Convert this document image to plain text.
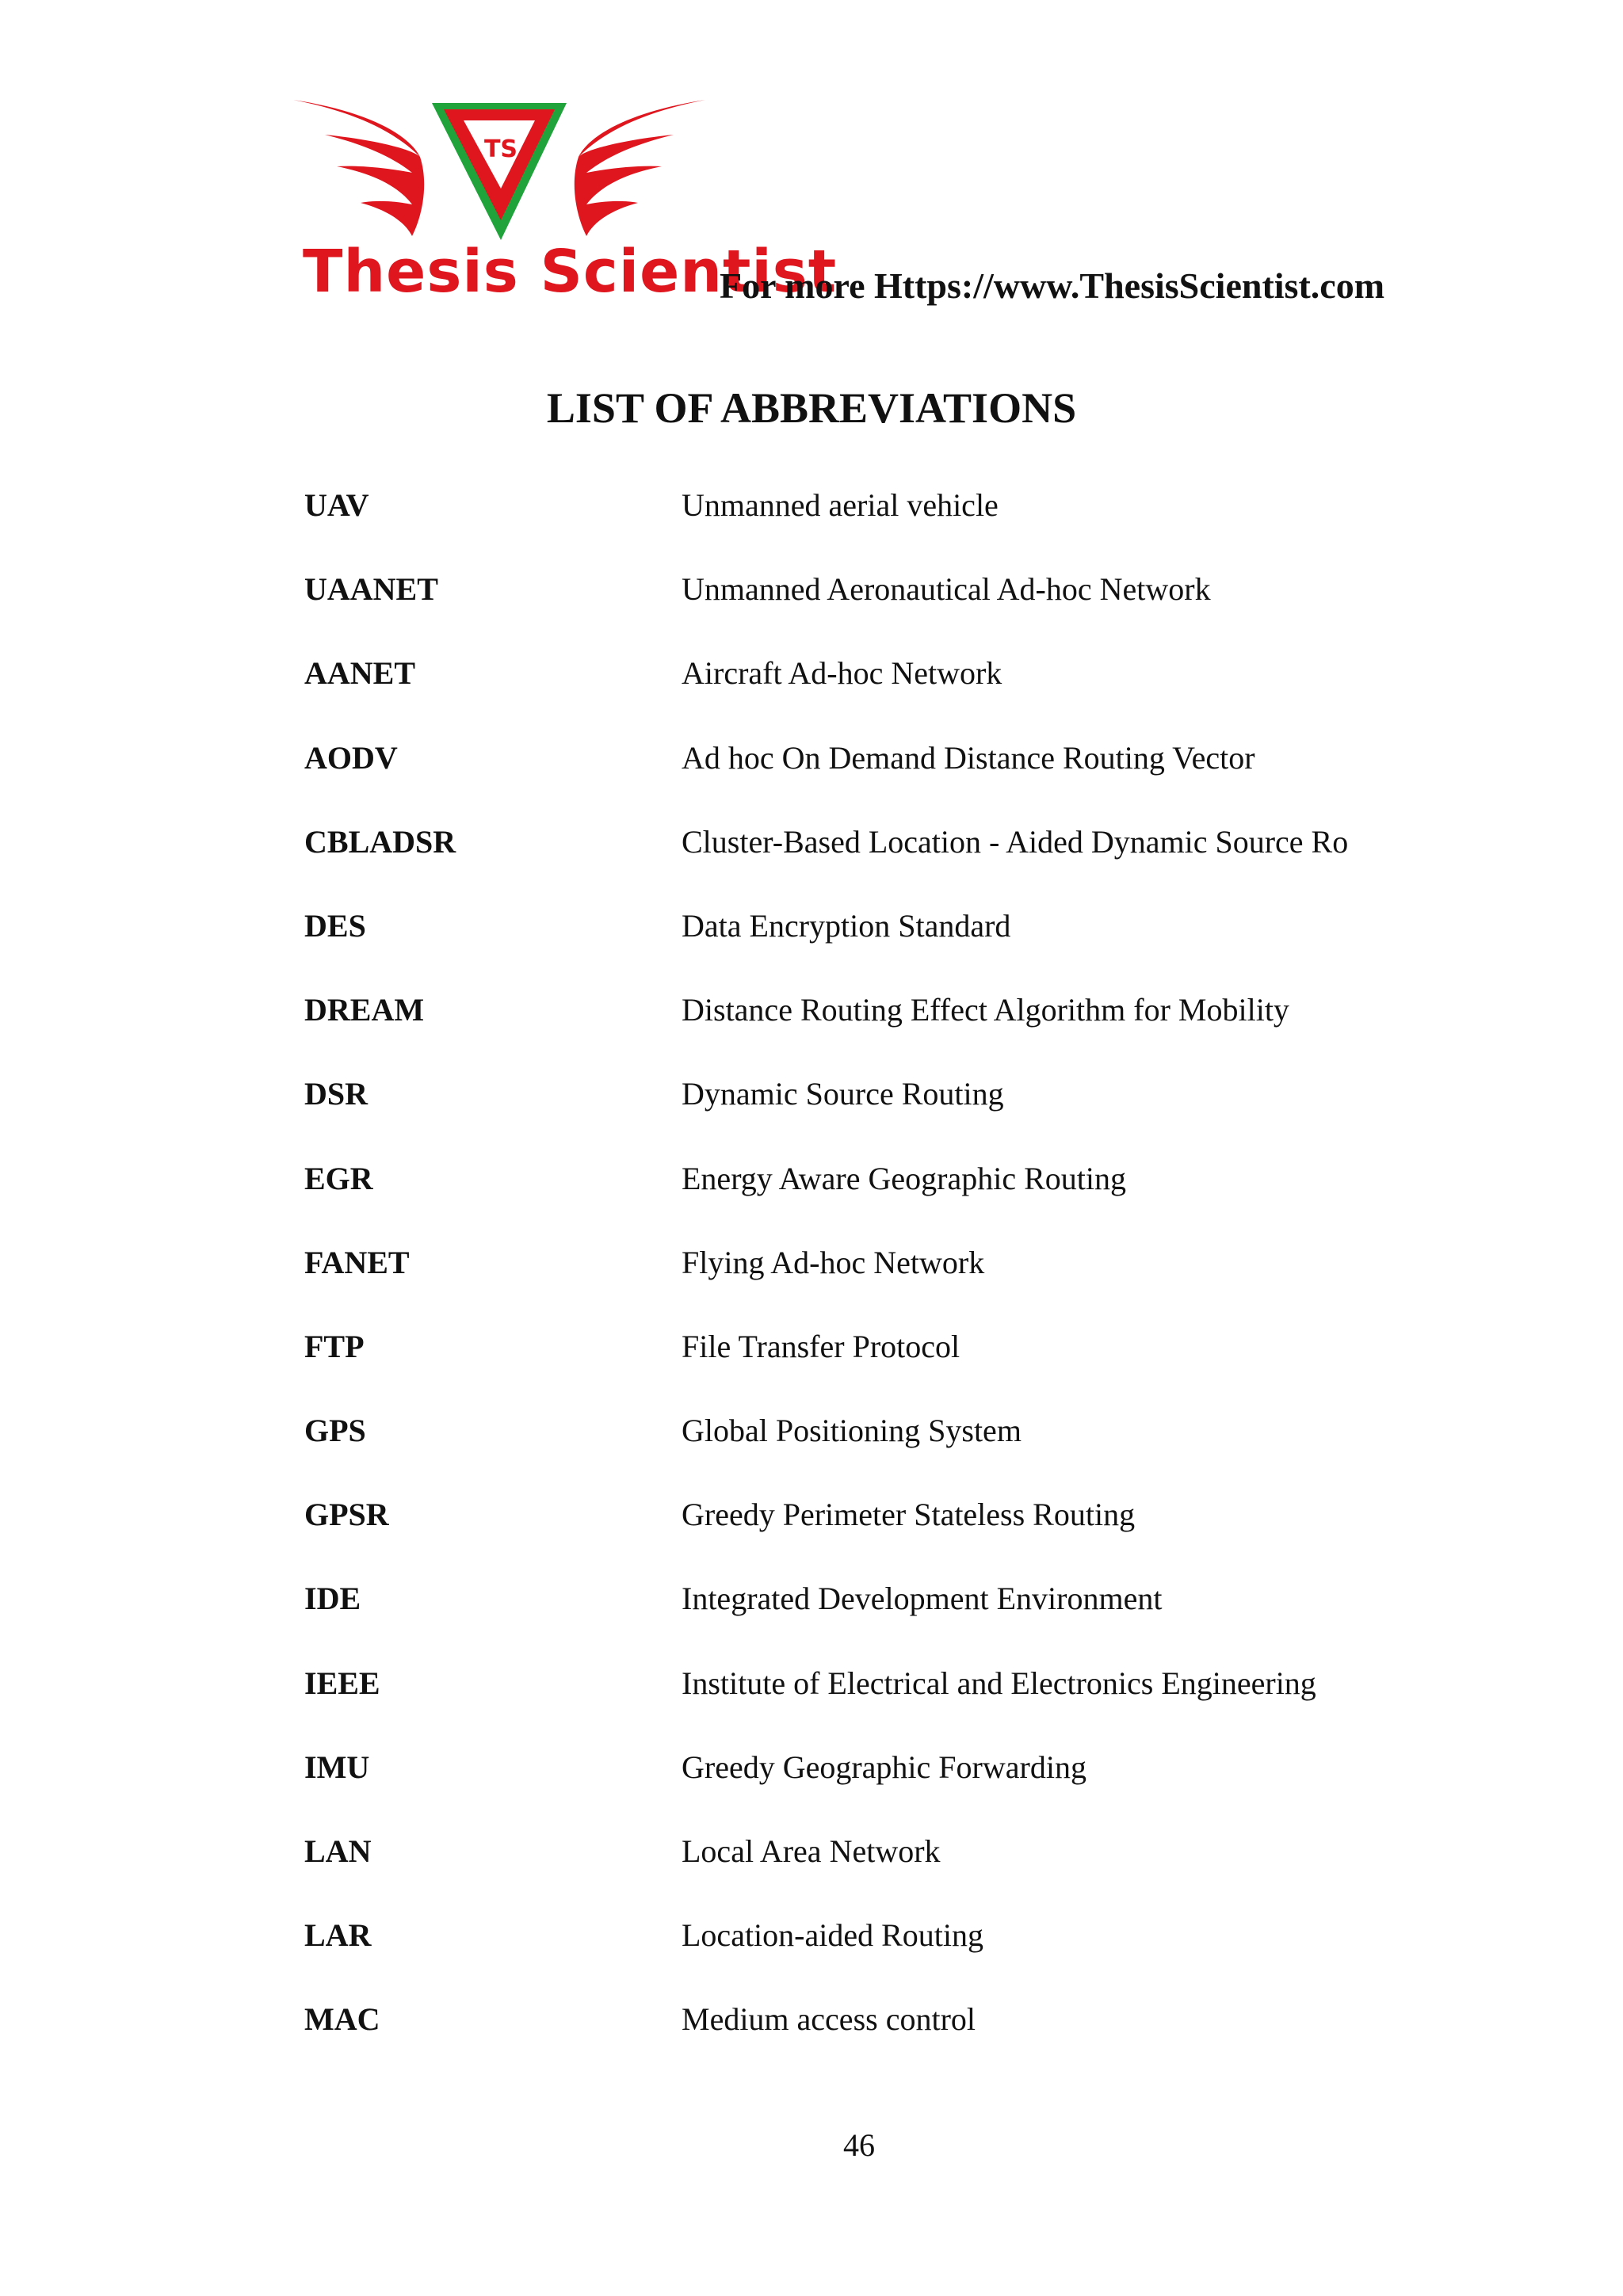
TS
Thesis Scientist
For more Https://www.ThesisScientist.com
LIST OF ABBREVIATIONS
UAV	Unmanned aerial vehicle
UAANET	Unmanned Aeronautical Ad-hoc Network
AANET	Aircraft Ad-hoc Network
AODV	Ad hoc On Demand Distance Routing Vector
CBLADSR	Cluster-Based Location - Aided Dynamic Source Ro
DES	Data Encryption Standard
DREAM	Distance Routing Effect Algorithm for Mobility
DSR	Dynamic Source Routing
EGR	Energy Aware Geographic Routing
FANET	Flying Ad-hoc Network
FTP	File Transfer Protocol
GPS	Global Positioning System
GPSR	Greedy Perimeter Stateless Routing
IDE	Integrated Development Environment
IEEE	Institute of Electrical and Electronics Engineering
IMU	Greedy Geographic Forwarding
LAN	Local Area Network
LAR	Location-aided Routing
MAC	Medium access control
46
